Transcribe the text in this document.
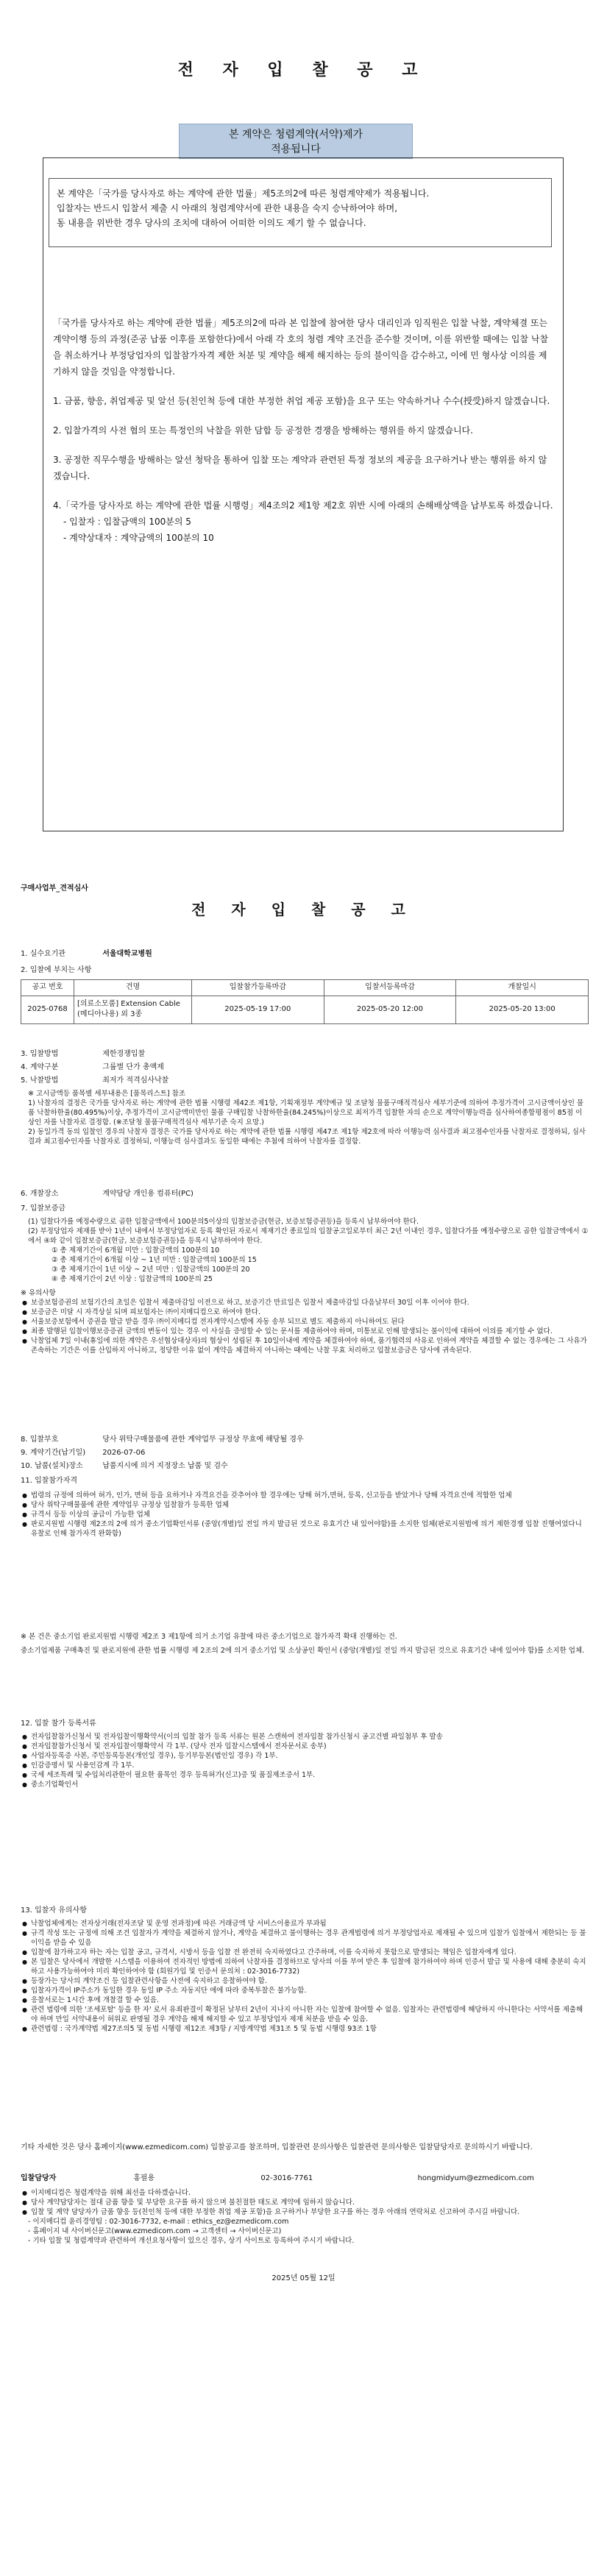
전 자 입 찰 공 고
본 계약은 청렴계약(서약)제가
적용됩니다
본 계약은「국가를 당사자로 하는 계약에 관한 법률」제5조의2에 따른 청렴계약제가 적용됩니다.
입찰자는 반드시 입찰서 제출 시 아래의 청렴계약서에 관한 내용을 숙지 승낙하여야 하며,
동 내용을 위반한 경우 당사의 조치에 대하여 어떠한 이의도 제기 할 수 없습니다.

「국가를 당사자로 하는 계약에 관한 법률」제5조의2에 따라 본 입찰에 참여한 당사 대리인과 임직원은 입찰 낙찰, 계약체결 또는 계약이행 등의 과정(준공 납품 이후를 포함한다)에서 아래 각 호의 청렴 계약 조건을 준수할 것이며, 이를 위반할 때에는 입찰 낙찰을 취소하거나 부정당업자의 입찰참가자격 제한 처분 및 계약을 해제 해지하는 등의 불이익을 감수하고, 이에 민 형사상 이의를 제기하지 않을 것임을 약정합니다.

1. 금품, 향응, 취업제공 및 알선 등(친인척 등에 대한 부정한 취업 제공 포함)을 요구 또는 약속하거나 수수(授受)하지 않겠습니다.

2. 입찰가격의 사전 협의 또는 특정인의 낙찰을 위한 담합 등 공정한 경쟁을 방해하는 행위를 하지 않겠습니다.

3. 공정한 직무수행을 방해하는 알선 청탁을 통하여 입찰 또는 계약과 관련된 특정 정보의 제공을 요구하거나 받는 행위를 하지 않겠습니다.

4.「국가를 당사자로 하는 계약에 관한 법률 시행령」제4조의2 제1항 제2호 위반 시에 아래의 손해배상액을 납부토록 하겠습니다.

- 입찰자 : 입찰금액의 100분의 5

- 계약상대자 : 계약금액의 100분의 10

구매사업부_견적심사
전 자 입 찰 공 고
1. 실수요기관	서울대학교병원
2. 입찰에 부치는 사항
공고 번호	건명	입찰참가등록마감	입찰서등록마감	개찰일시
2025-0768	[의료소모품] Extension Cable (메디아나용) 외 3종	2025-05-19 17:00	2025-05-20 12:00	2025-05-20 13:00
3. 입찰방법	제한경쟁입찰
4. 계약구분	그룹별 단가 총액제
5. 낙찰방법	최저가 적격심사낙찰
※ 고시금액등 품목별 세부내용은 [품목리스트] 참조
1) 낙찰자의 결정은 국가를 당사자로 하는 계약에 관한 법률 시행령 제42조 제1항, 기획재정부 계약예규 및 조달청 물품구매적격심사 세부기준에 의하여 추정가격이 고시금액이상인 물품 낙찰하한율(80.495%)이상, 추정가격이 고시금액미만인 물품 구매입찰 낙찰하한율(84.245%)이상으로 최저가격 입찰한 자의 순으로 계약이행능력을 심사하여종합평점이 85점 이상인 자를 낙찰자로 결정함. (※조달청 물품구매적격심사 세부기준 숙지 요망.)
2) 동일가격 동의 입찰인 경우의 낙찰자 결정은 국가를 당사자로 하는 계약에 관한 법률 시행령 제47조 제1항 제2호에 따라 이행능력 심사결과 최고점수인자를 낙찰자로 결정하되, 심사결과 최고점수인자를 낙찰자로 결정하되, 이행능력 심사결과도 동일한 때에는 추첨에 의하여 낙찰자를 결정함.
6. 개찰장소	계약담당 개인용 컴퓨터(PC)
7. 입찰보증금
(1) 입찰다가를 예정수량으로 곱한 입찰금액에서 100분의5이상의 입찰보증금(현금, 보증보험증권등)을 등록시 납부하여야 한다.
(2) 부정당업자 제재를 받아 1년이 내에서 부정당업자로 등록 확인된 자로서 제재기간 종료일의 입찰공고일로부터 최근 2년 이내인 경우, 입찰다가를 예정수량으로 곱한 입찰금액에서 ①에서 ④와 같이 입찰보증금(현금, 보증보험증권등)을 등록시 납부하여야 한다.
① 총 제재기간이 6개월 미만 : 입찰금액의 100분의 10
② 총 제재기간이 6개월 이상 ~ 1년 미만 : 입찰금액의 100분의 15
③ 총 제재기간이 1년 이상 ~ 2년 미만 : 입찰금액의 100분의 20
④ 총 제재기간이 2년 이상 : 입찰금액의 100분의 25
※ 유의사항
● 보증보험증권의 보험기간의 초일은 입찰서 제출마감일 이전으로 하고, 보증기간 만료일은 입찰서 제출마감일 다음날부터 30일 이후 이어야 한다.
● 보증금은 미달 시 자격상실 되며 피보험자는 ㈜이지메디컴으로 하여야 한다.
● 서울보증보험에서 증권을 발급 받을 경우 ㈜이지메디컴 전자계약시스템에 자동 송부 되므로 별도 제출하지 아니하여도 된다
● 최종 발행된 입찰이행보증증권 금액의 변동이 있는 경우 이 사실을 증빙할 수 있는 문서를 제출하여야 하며, 미통보로 인해 발생되는 불이익에 대하여 이의를 제기할 수 없다.
● 낙찰업체 7일 이내(휴일에 의한 계약은 우선협상대상자)의 협상이 성립된 후 10일이내에 계약을 체결하여야 하며, 품기협력의 사유로 인하여 계약을 체결할 수 없는 경우에는 그 사유가 존속하는 기간은 이를 산입하지 아니하고, 정당한 이유 없이 계약을 체결하지 아니하는 때에는 낙찰 무효 처리하고 입찰보증금은 당사에 귀속된다.
8. 입찰부호	당사 위탁구매물품에 관한 계약업무 규정상 무효에 해당될 경우
9. 계약기간(납기일) 2026-07-06
10. 납품(설치)장소	납품지시에 의거 지정장소 납품 및 검수
11. 입찰참가자격
● 법령의 규정에 의하여 허가, 인가, 면허 등을 요하거나 자격요건을 갖추어야 할 경우에는 당해 허가,면허, 등록, 신고등을 받았거나 당해 자격요건에 적합한 업체
● 당사 위탁구매물품에 관한 계약업무 규정상 입찰참가 등록한 업체
● 규격서 등등 이상의 공급이 가능한 업체
● 판로지원법 시행령 제2조의 2에 의거 중소기업확인서류 (중앙(개별)일 전일 까지 발급된 것으로 유효기간 내 있어야함)를 소지한 업체(판로지원법에 의거 제한경쟁 입찰 진행여었다니 유찰로 인해 참가자격 완화함)
※ 본 건은 중소기업 판로지원법 시행령 제2조 3 제1항에 의거 소기업 유찰에 따른 중소기업으로 참가자격 확대 진행하는 건.
중소기업제품 구매촉진 및 판로지원에 관한 법률 시행령 제 2조의 2에 의거 중소기업 및 소상공인 확인서 (중앙(개별)일 전일 까지 발급된 것으로 유효기간 내에 있어야 함)를 소지한 업체.
12. 입찰 참가 등록서류
● 전자입찰참가신청서 및 전자입찰이행확약서(이의 입찰 참가 등록 서류는 원본 스캔하여 전자입찰 참가신청시 공고건별 파일첨부 후 발송
● 전자입찰참가신청서 및 전자입찰이행확약서 각 1부. (당사 전자 입찰시스템에서 전자문서로 송부)
● 사업자등록증 사본, 주민등록등본(개인일 경우), 등기부등본(법인일 경우) 각 1부.
● 인감증명서 및 사용인감계 각 1부.
● 국세 세조특례 및 수입처리관한이 필요한 품목인 경우 등록허가(신고)증 및 품질제조증서 1부.
● 중소기업확인서
13. 입찰자 유의사항
● 낙찰업체에게는 전자상거래(전자조달 및 운영 전과정)에 따른 거래금액 당 서비스이용료가 부과됨
● 규격 작성 또는 규정에 의해 조건 입찰자가 계약을 체결하지 않거나, 계약을 체결하고 불이행하는 경우 관계법령에 의거 부정당업자로 제재될 수 있으며 입찰가 입찰에서 제한되는 등 불이익을 받을 수 있음
● 입찰에 참가하고자 하는 자는 입찰 공고, 규격서, 시방서 등을 입찰 전 완전히 숙지하였다고 간주하며, 이를 숙지하지 못함으로 발생되는 책임은 입찰자에게 있다.
● 본 입찰은 당사에서 개발한 시스템을 이용하여 전자적인 방법에 의하여 낙찰자를 결정하므로 당사의 이를 부여 받은 후 입찰에 참가하여야 하며 인증서 발급 및 사용에 대해 충분히 숙지하고 사용가능하여야 미리 확인하여야 함 (회원가입 및 인증서 문의처 : 02-3016-7732)
● 등장가는 당사의 계약조건 등 입찰관련사항을 사전에 숙지하고 응찰하여야 함.
● 입찰자가격이 IP주소가 동일한 경우 동일 IP 주소 자동지단 에에 따라 중복투찰은 불가능함.
● 응찰서로는 1시간 후에 개찰결 할 수 있음.
● 관련 법령에 의한 '조세포탈' 등을 한 자' 로서 유죄판결이 확정된 날부터 2년이 지나지 아니한 자는 입찰에 참여할 수 없음. 입찰자는 관련법령에 해당하지 아니한다는 서약서를 제출해야 하며 만일 서약내용이 허위로 판명될 경우 계약을 해제 해지할 수 있고 부정당업자 제재 처분을 받을 수 있음.
● 관련법령 : 국가계약법 제27조의5 및 동법 시행령 제12조 제3항 / 지방계약법 제31조 5 및 동법 시행령 93조 1항
기타 자세한 것은 당사 홈페이지(www.ezmedicom.com) 입찰공고를 참조하며, 입찰관련 문의사항은 입찰관련 문의사항은 입찰담당자로 문의하시기 바랍니다.
입찰담당자	홍필용	02-3016-7761	hongmidyum@ezmedicom.com
● 이지메디컴은 청렴계약을 위해 최선을 다하겠습니다.
● 당사 계약담당자는 절대 금품 향응 및 부당한 요구를 하지 않으며 불친절한 태도로 계약에 임하지 않습니다.
● 입찰 및 계약 담당자가 금품 향응 등(친인척 등에 대한 부정한 취업 제공 포함)을 요구하거나 부당한 요구를 하는 경우 아래의 연락처로 신고하여 주시길 바랍니다.
- 이지메디컴 윤리경영팀 : 02-3016-7732, e-mail : ethics_ez@ezmedicom.com
- 홈페이지 내 사이버신문고(www.ezmedicom.com → 고객센터 → 사이버신문고)
- 기타 입찰 및 청렴계약과 관련하여 개선요청사항이 있으신 경우, 상기 사이트로 등록하여 주시기 바랍니다.
2025년 05월 12일
